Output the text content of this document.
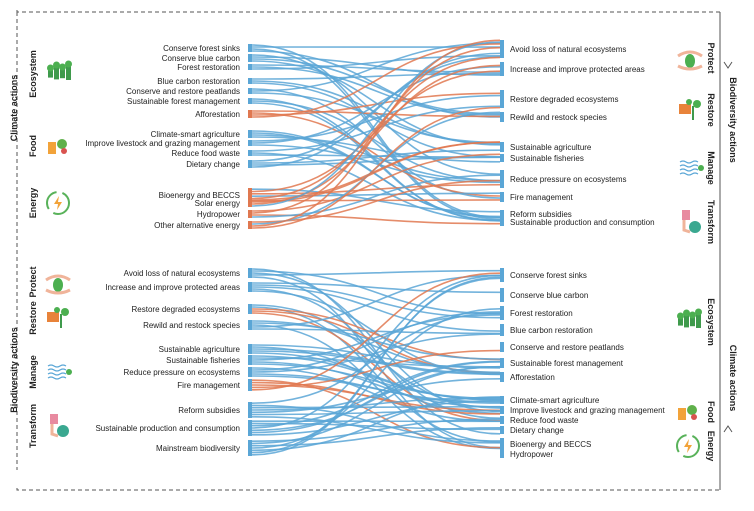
Conserve forest sinks
Conserve blue carbon
Forest restoration
Blue carbon restoration
Conserve and restore peatlands
Sustainable forest management
Afforestation
Climate-smart agriculture
Improve livestock and grazing management
Reduce food waste
Dietary change
Bioenergy and BECCS
Solar energy
Hydropower
Other alternative energy
Avoid loss of natural ecosystems
Increase and improve protected areas
Restore degraded ecosystems
Rewild and restock species
Sustainable agriculture
Sustainable fisheries
Reduce pressure on ecosystems
Fire management
Reform subsidies
Sustainable production and consumption
Avoid loss of natural ecosystems
Increase and improve protected areas
Restore degraded ecosystems
Rewild and restock species
Sustainable agriculture
Sustainable fisheries
Reduce pressure on ecosystems
Fire management
Reform subsidies
Sustainable production and consumption
Mainstream biodiversity
Conserve forest sinks
Conserve blue carbon
Forest restoration
Blue carbon restoration
Conserve and restore peatlands
Sustainable forest management
Afforestation
Climate-smart agriculture
Improve livestock and grazing management
Reduce food waste
Dietary change
Bioenergy and BECCS
Hydropower
Climate actions
Ecosystem
Food
Energy
Biodiversity actions
Protect
Restore
Manage
Transform
Biodiversity actions
Protect
Restore
Manage
Transform
Climate actions
Ecosystem
Food
Energy
